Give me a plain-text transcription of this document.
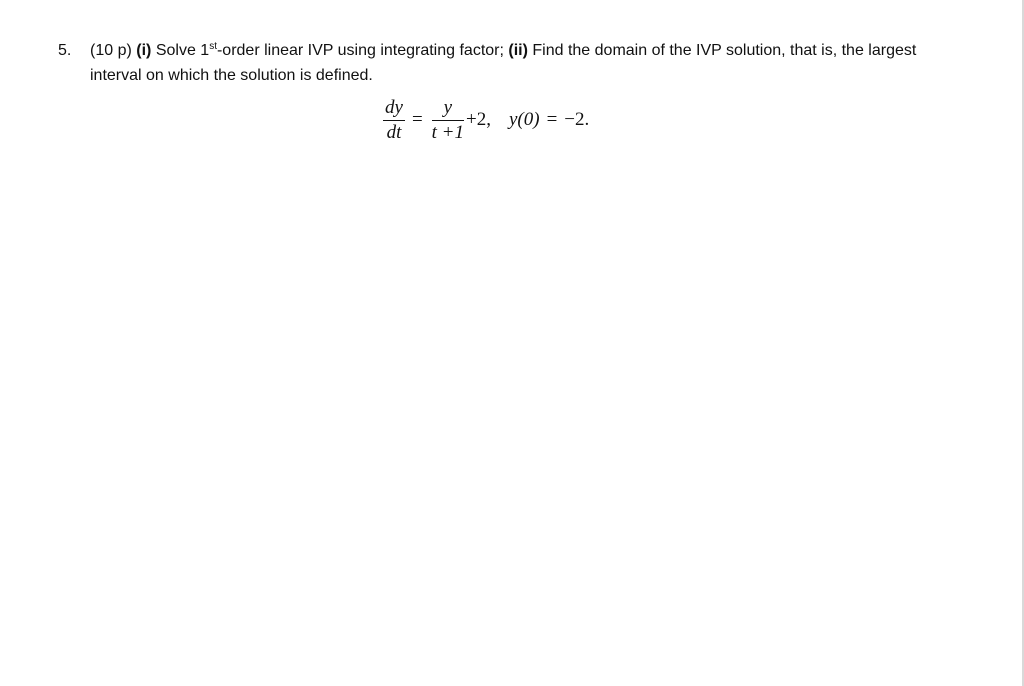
5. (10 p) (i) Solve 1st-order linear IVP using integrating factor; (ii) Find the domain of the IVP solution, that is, the largest
interval on which the solution is defined.
$\frac{dy}{dt} = \frac{y}{t +1} +2$, y(0) = −2.
